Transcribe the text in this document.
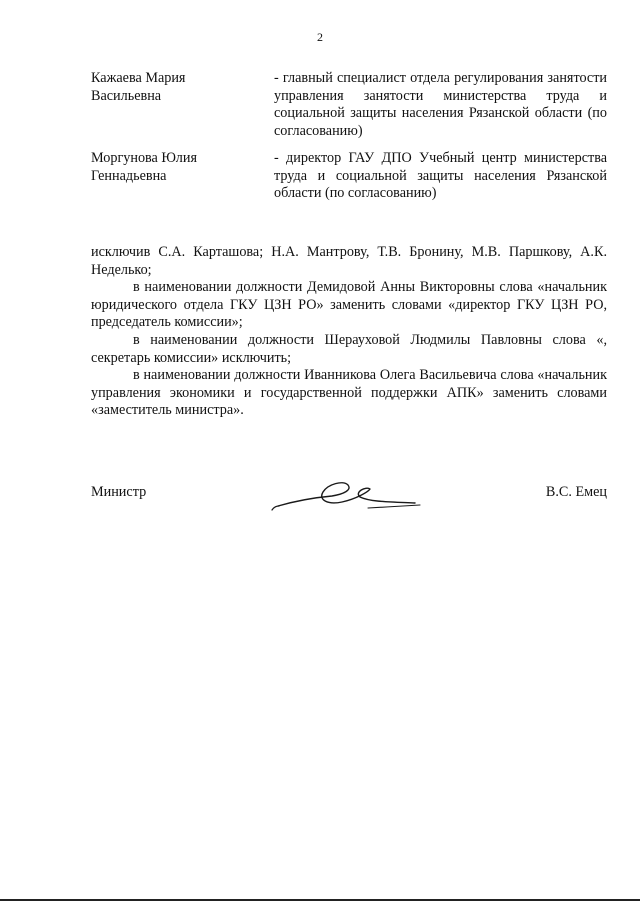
2
Кажаева Мария
Васильевна
- главный специалист отдела регулирования занятости управления занятости министерства труда и социальной защиты населения Рязанской области (по согласованию)
Моргунова Юлия
Геннадьевна
- директор ГАУ ДПО Учебный центр министерства труда и социальной защиты населения Рязанской области (по согласованию)

исключив С.А. Карташова; Н.А. Мантрову, Т.В. Бронину, М.В. Паршкову, А.К. Неделько;

в наименовании должности Демидовой Анны Викторовны слова «начальник юридического отдела ГКУ ЦЗН РО» заменить словами «директор ГКУ ЦЗН РО, председатель комиссии»;

в наименовании должности Шерауховой Людмилы Павловны слова «, секретарь комиссии» исключить;

в наименовании должности Иванникова Олега Васильевича слова «начальник управления экономики и государственной поддержки АПК» заменить словами «заместитель министра».

Министр	В.С. Емец
